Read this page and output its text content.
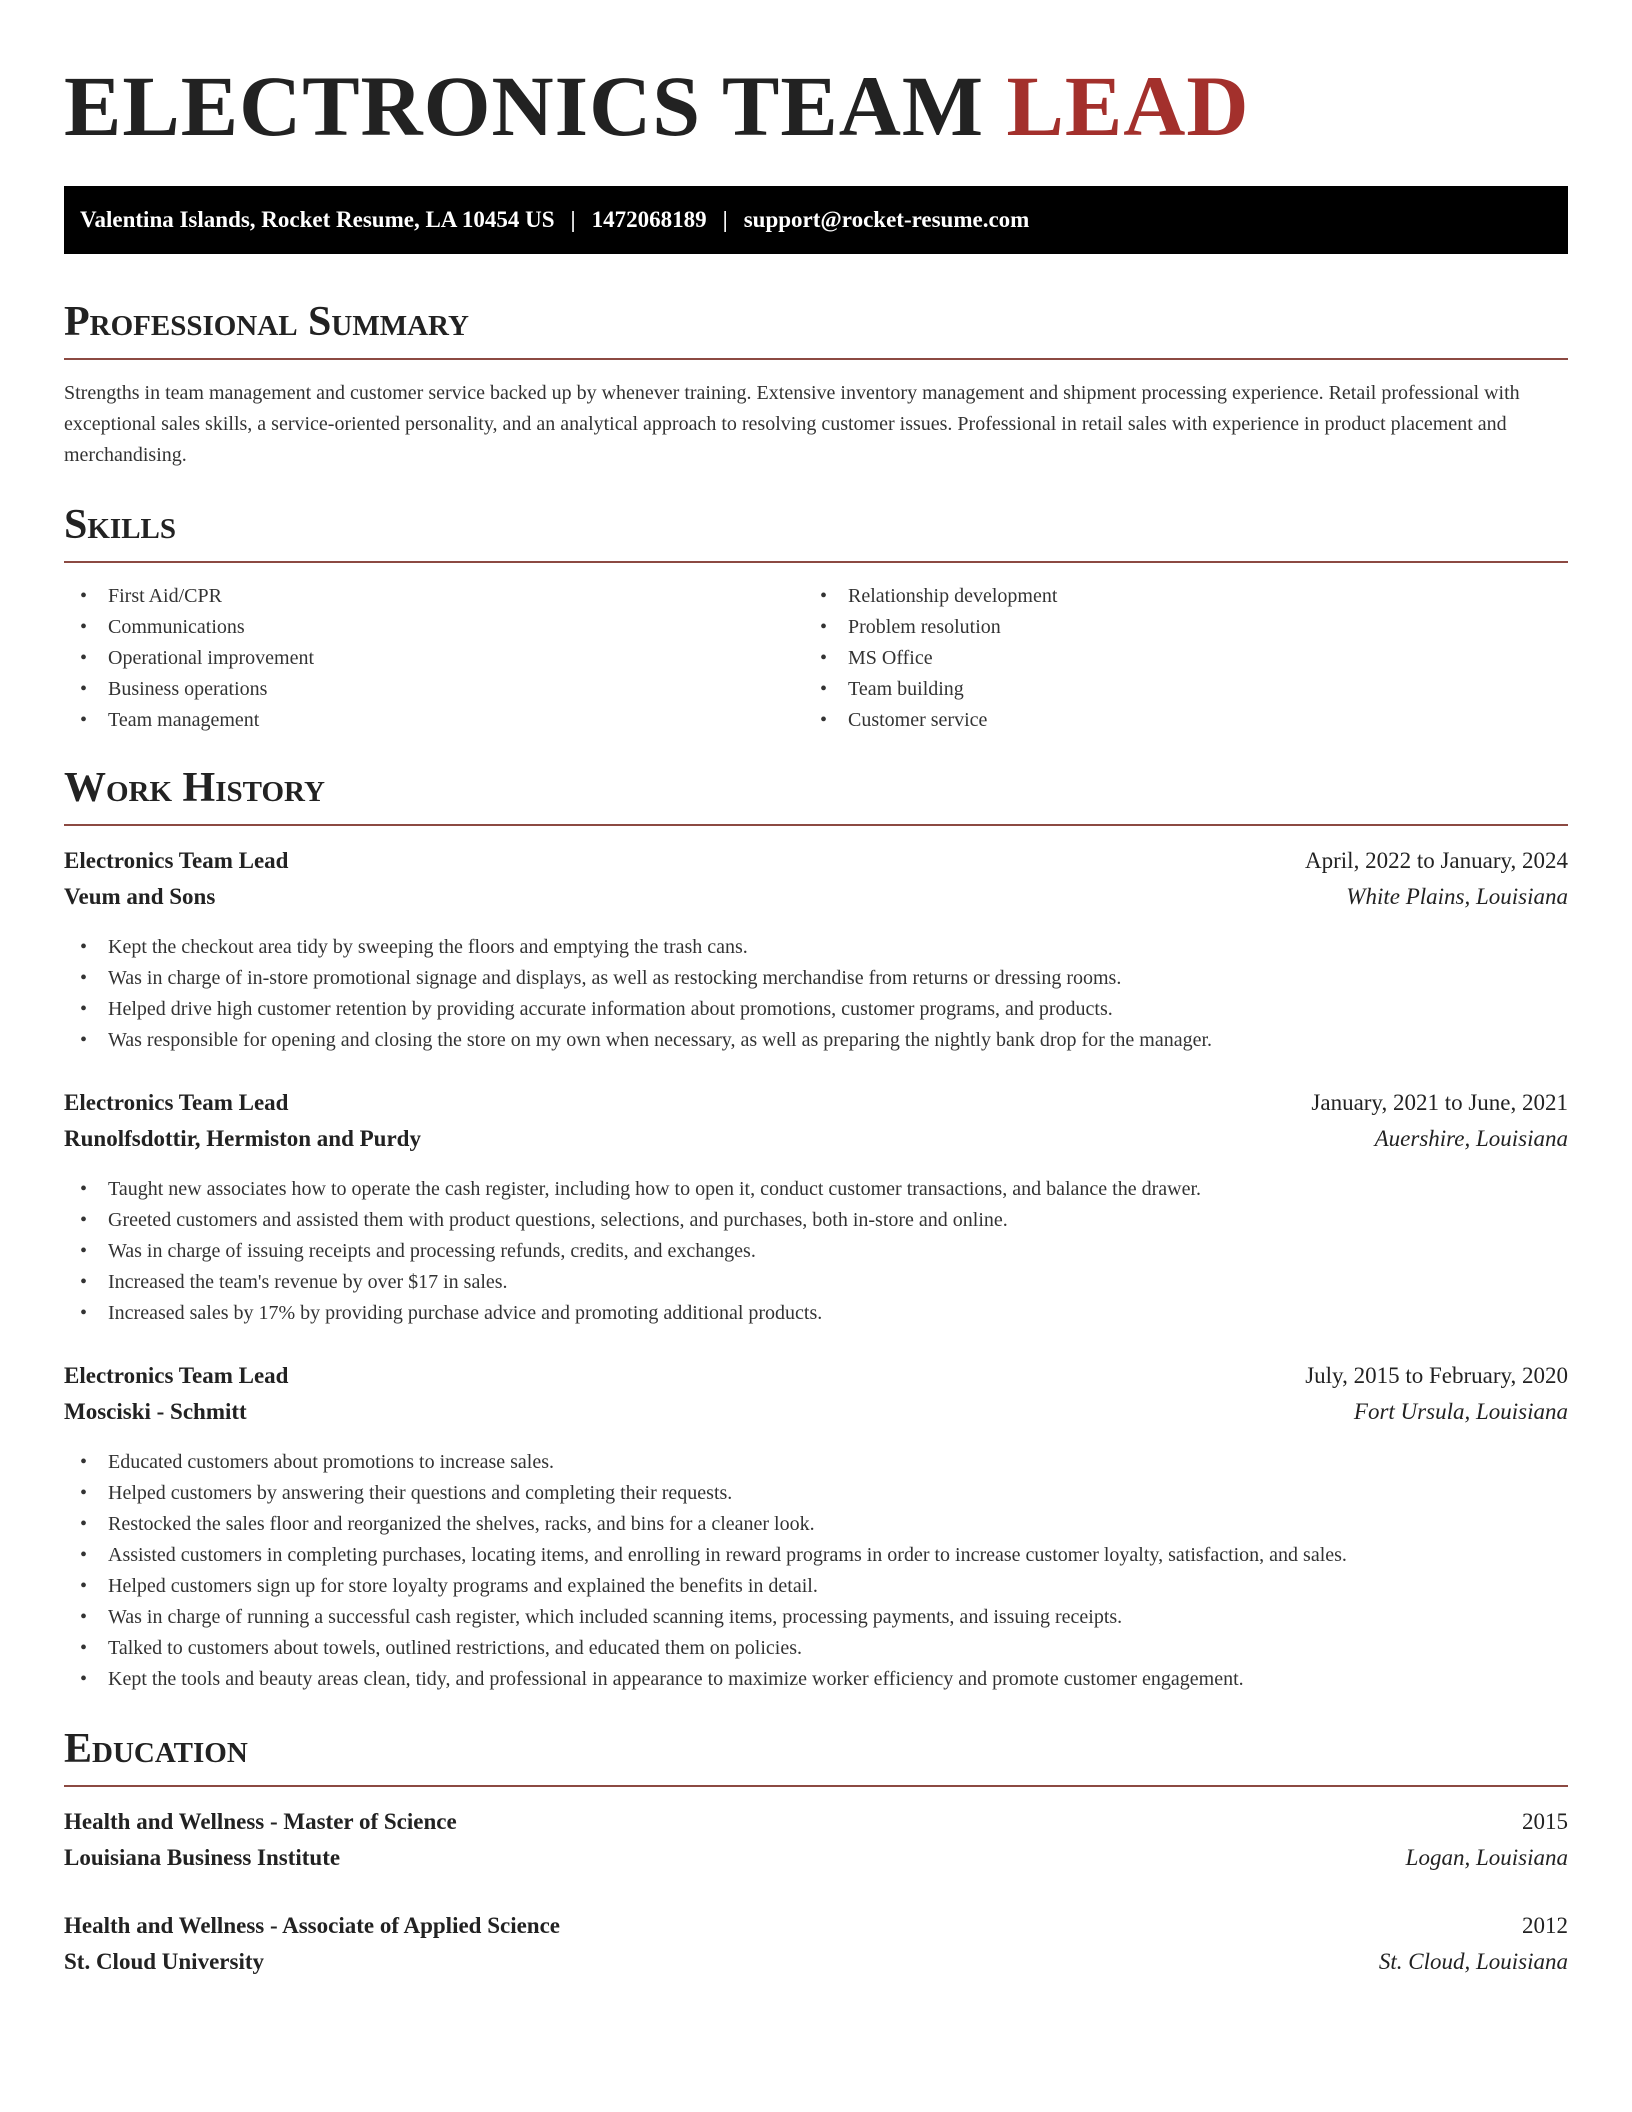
ELECTRONICS TEAM LEAD
Valentina Islands, Rocket Resume, LA 10454 US | 1472068189 | support@rocket-resume.com
Professional Summary

Strengths in team management and customer service backed up by whenever training. Extensive inventory management and shipment processing experience. Retail professional with exceptional sales skills, a service-oriented personality, and an analytical approach to resolving customer issues. Professional in retail sales with experience in product placement and merchandising.

Skills
• First Aid/CPR
• Communications
• Operational improvement
• Business operations
• Team management
• Relationship development
• Problem resolution
• MS Office
• Team building
• Customer service
Work History
Electronics Team Lead	April, 2022 to January, 2024
Veum and Sons	White Plains, Louisiana
• Kept the checkout area tidy by sweeping the floors and emptying the trash cans.
• Was in charge of in-store promotional signage and displays, as well as restocking merchandise from returns or dressing rooms.
• Helped drive high customer retention by providing accurate information about promotions, customer programs, and products.
• Was responsible for opening and closing the store on my own when necessary, as well as preparing the nightly bank drop for the manager.
Electronics Team Lead	January, 2021 to June, 2021
Runolfsdottir, Hermiston and Purdy	Auershire, Louisiana
• Taught new associates how to operate the cash register, including how to open it, conduct customer transactions, and balance the drawer.
• Greeted customers and assisted them with product questions, selections, and purchases, both in-store and online.
• Was in charge of issuing receipts and processing refunds, credits, and exchanges.
• Increased the team's revenue by over $17 in sales.
• Increased sales by 17% by providing purchase advice and promoting additional products.
Electronics Team Lead	July, 2015 to February, 2020
Mosciski - Schmitt	Fort Ursula, Louisiana
• Educated customers about promotions to increase sales.
• Helped customers by answering their questions and completing their requests.
• Restocked the sales floor and reorganized the shelves, racks, and bins for a cleaner look.
• Assisted customers in completing purchases, locating items, and enrolling in reward programs in order to increase customer loyalty, satisfaction, and sales.
• Helped customers sign up for store loyalty programs and explained the benefits in detail.
• Was in charge of running a successful cash register, which included scanning items, processing payments, and issuing receipts.
• Talked to customers about towels, outlined restrictions, and educated them on policies.
• Kept the tools and beauty areas clean, tidy, and professional in appearance to maximize worker efficiency and promote customer engagement.
Education
Health and Wellness - Master of Science	2015
Louisiana Business Institute	Logan, Louisiana
Health and Wellness - Associate of Applied Science	2012
St. Cloud University	St. Cloud, Louisiana
